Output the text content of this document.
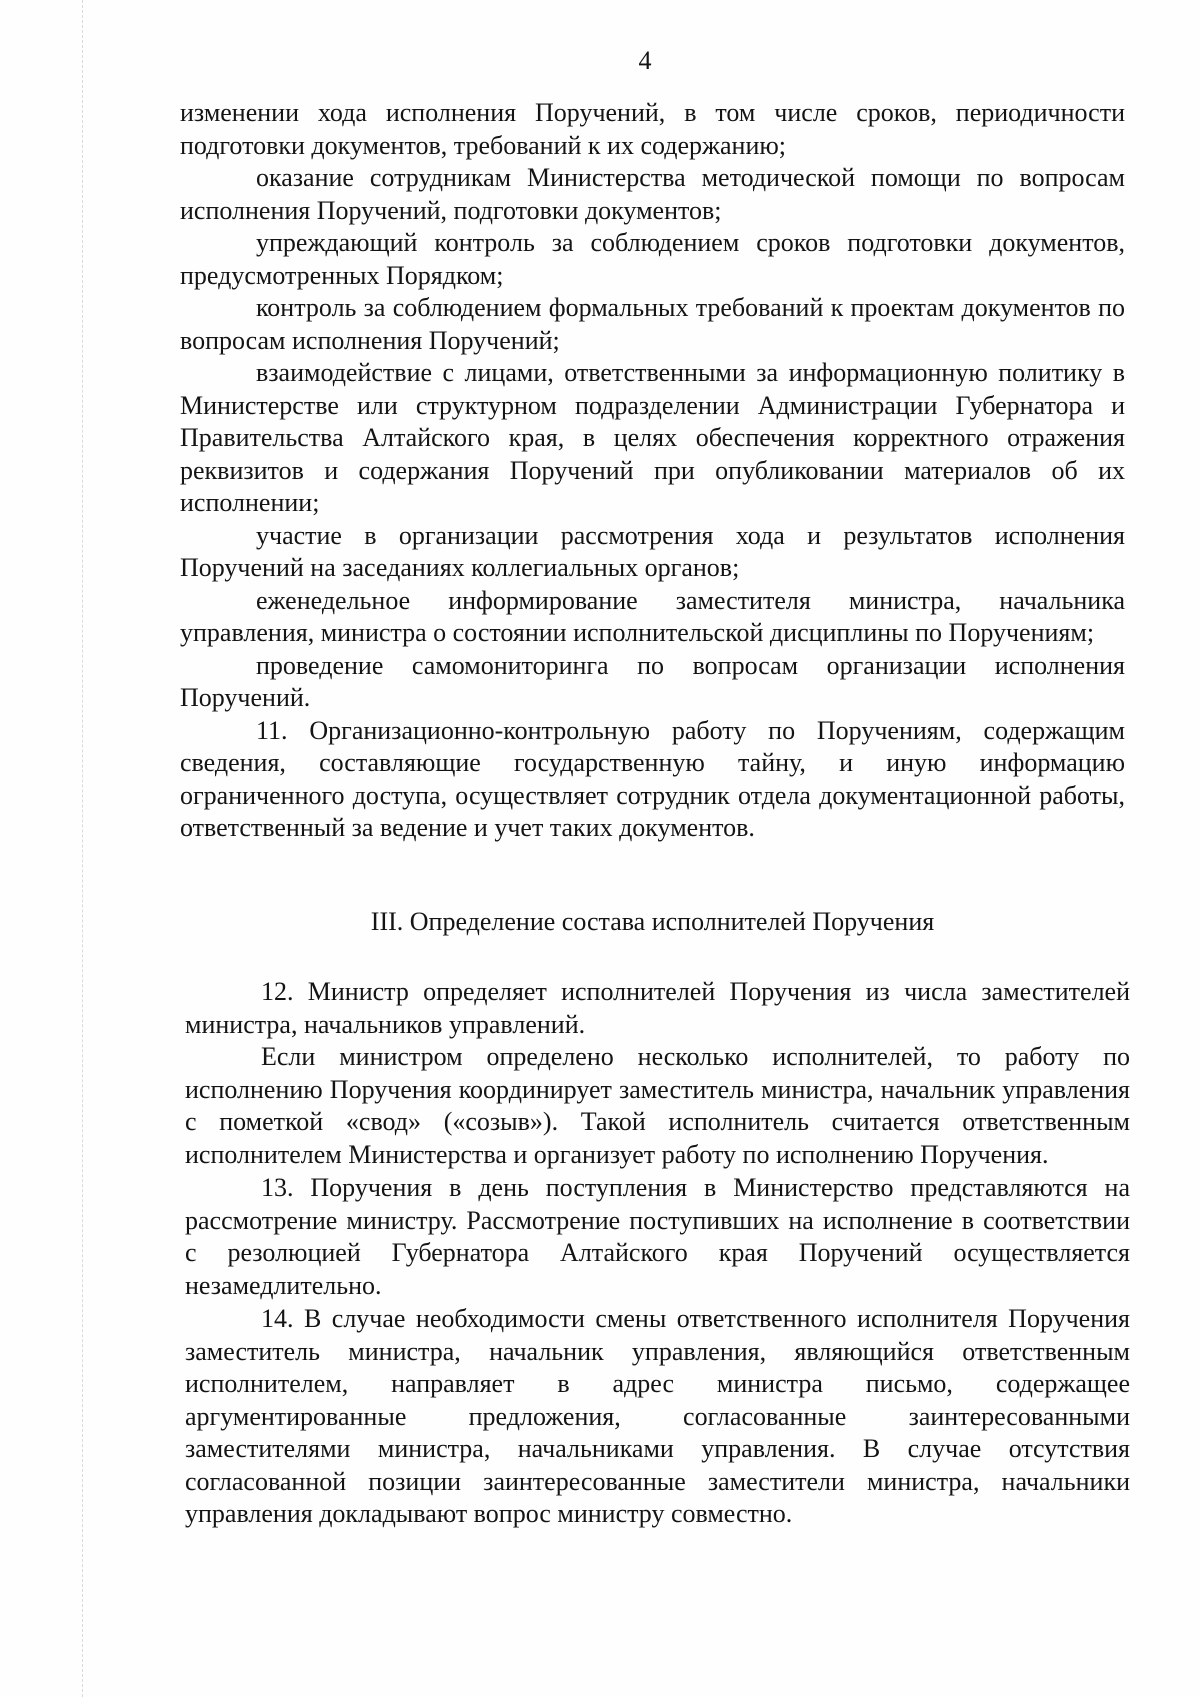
4

изменении хода исполнения Поручений, в том числе сроков, периодичности подготовки документов, требований к их содержанию;

оказание сотрудникам Министерства методической помощи по вопросам исполнения Поручений, подготовки документов;

упреждающий контроль за соблюдением сроков подготовки документов, предусмотренных Порядком;

контроль за соблюдением формальных требований к проектам документов по вопросам исполнения Поручений;

взаимодействие с лицами, ответственными за информационную политику в Министерстве или структурном подразделении Администрации Губернатора и Правительства Алтайского края, в целях обеспечения корректного отражения реквизитов и содержания Поручений при опубликовании материалов об их исполнении;

участие в организации рассмотрения хода и результатов исполнения Поручений на заседаниях коллегиальных органов;

еженедельное информирование заместителя министра, начальника управления, министра о состоянии исполнительской дисциплины по Поручениям;

проведение самомониторинга по вопросам организации исполнения Поручений.

11. Организационно-контрольную работу по Поручениям, содержащим сведения, составляющие государственную тайну, и иную информацию ограниченного доступа, осуществляет сотрудник отдела документационной работы, ответственный за ведение и учет таких документов.

III. Определение состава исполнителей Поручения

12. Министр определяет исполнителей Поручения из числа заместителей министра, начальников управлений.

Если министром определено несколько исполнителей, то работу по исполнению Поручения координирует заместитель министра, начальник управления с пометкой «свод» («созыв»). Такой исполнитель считается ответственным исполнителем Министерства и организует работу по исполнению Поручения.

13. Поручения в день поступления в Министерство представляются на рассмотрение министру. Рассмотрение поступивших на исполнение в соответствии с резолюцией Губернатора Алтайского края Поручений осуществляется незамедлительно.

14. В случае необходимости смены ответственного исполнителя Поручения заместитель министра, начальник управления, являющийся ответственным исполнителем, направляет в адрес министра письмо, содержащее аргументированные предложения, согласованные заинтересованными заместителями министра, начальниками управления. В случае отсутствия согласованной позиции заинтересованные заместители министра, начальники управления докладывают вопрос министру совместно.
